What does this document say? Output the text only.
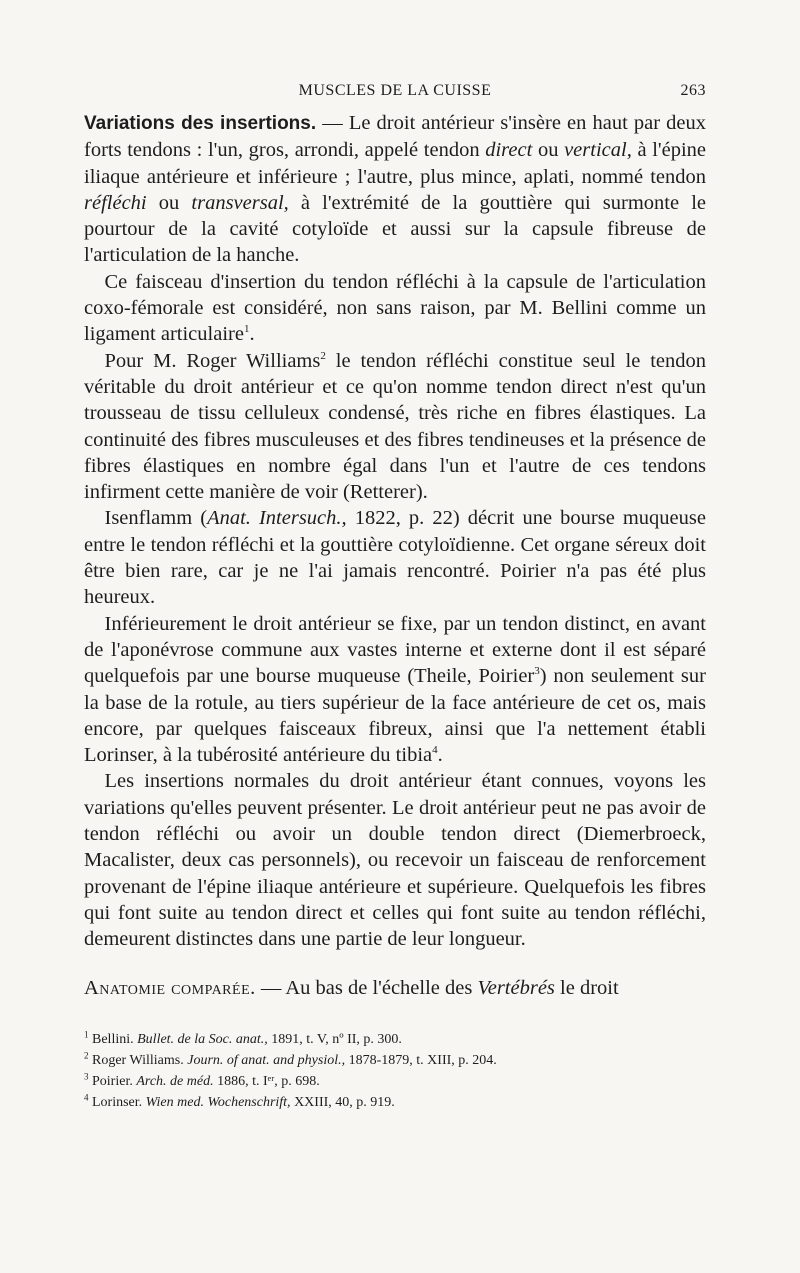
MUSCLES DE LA CUISSE	263

Variations des insertions. — Le droit antérieur s'insère en haut par deux forts tendons : l'un, gros, arrondi, appelé tendon direct ou vertical, à l'épine iliaque antérieure et inférieure ; l'autre, plus mince, aplati, nommé tendon réfléchi ou transversal, à l'extrémité de la gouttière qui surmonte le pourtour de la cavité cotyloïde et aussi sur la capsule fibreuse de l'articulation de la hanche.

 Ce faisceau d'insertion du tendon réfléchi à la capsule de l'articulation coxo-fémorale est considéré, non sans raison, par M. Bellini comme un ligament articulaire$^1$.

 Pour M. Roger Williams$^2$ le tendon réfléchi constitue seul le tendon véritable du droit antérieur et ce qu'on nomme tendon direct n'est qu'un trousseau de tissu celluleux condensé, très riche en fibres élastiques. La continuité des fibres musculeuses et des fibres tendineuses et la présence de fibres élastiques en nombre égal dans l'un et l'autre de ces tendons infirment cette manière de voir (Retterer).

 Isenflamm (Anat. Intersuch., 1822, p. 22) décrit une bourse muqueuse entre le tendon réfléchi et la gouttière cotyloïdienne. Cet organe séreux doit être bien rare, car je ne l'ai jamais rencontré. Poirier n'a pas été plus heureux.

 Inférieurement le droit antérieur se fixe, par un tendon distinct, en avant de l'aponévrose commune aux vastes interne et externe dont il est séparé quelquefois par une bourse muqueuse (Theile, Poirier$^3$) non seulement sur la base de la rotule, au tiers supérieur de la face antérieure de cet os, mais encore, par quelques faisceaux fibreux, ainsi que l'a nettement établi Lorinser, à la tubérosité antérieure du tibia$^4$.

 Les insertions normales du droit antérieur étant connues, voyons les variations qu'elles peuvent présenter. Le droit antérieur peut ne pas avoir de tendon réfléchi ou avoir un double tendon direct (Diemerbroeck, Macalister, deux cas personnels), ou recevoir un faisceau de renforcement provenant de l'épine iliaque antérieure et supérieure. Quelquefois les fibres qui font suite au tendon direct et celles qui font suite au tendon réfléchi, demeurent distinctes dans une partie de leur longueur.

Anatomie comparée. — Au bas de l'échelle des Vertébrés le droit

$^1$ Bellini. Bullet. de la Soc. anat., 1891, t. V, nº II, p. 300.
$^2$ Roger Williams. Journ. of anat. and physiol., 1878-1879, t. XIII, p. 204.
$^3$ Poirier. Arch. de méd. 1886, t. Iᵉʳ, p. 698.
$^4$ Lorinser. Wien med. Wochenschrift, XXIII, 40, p. 919.
